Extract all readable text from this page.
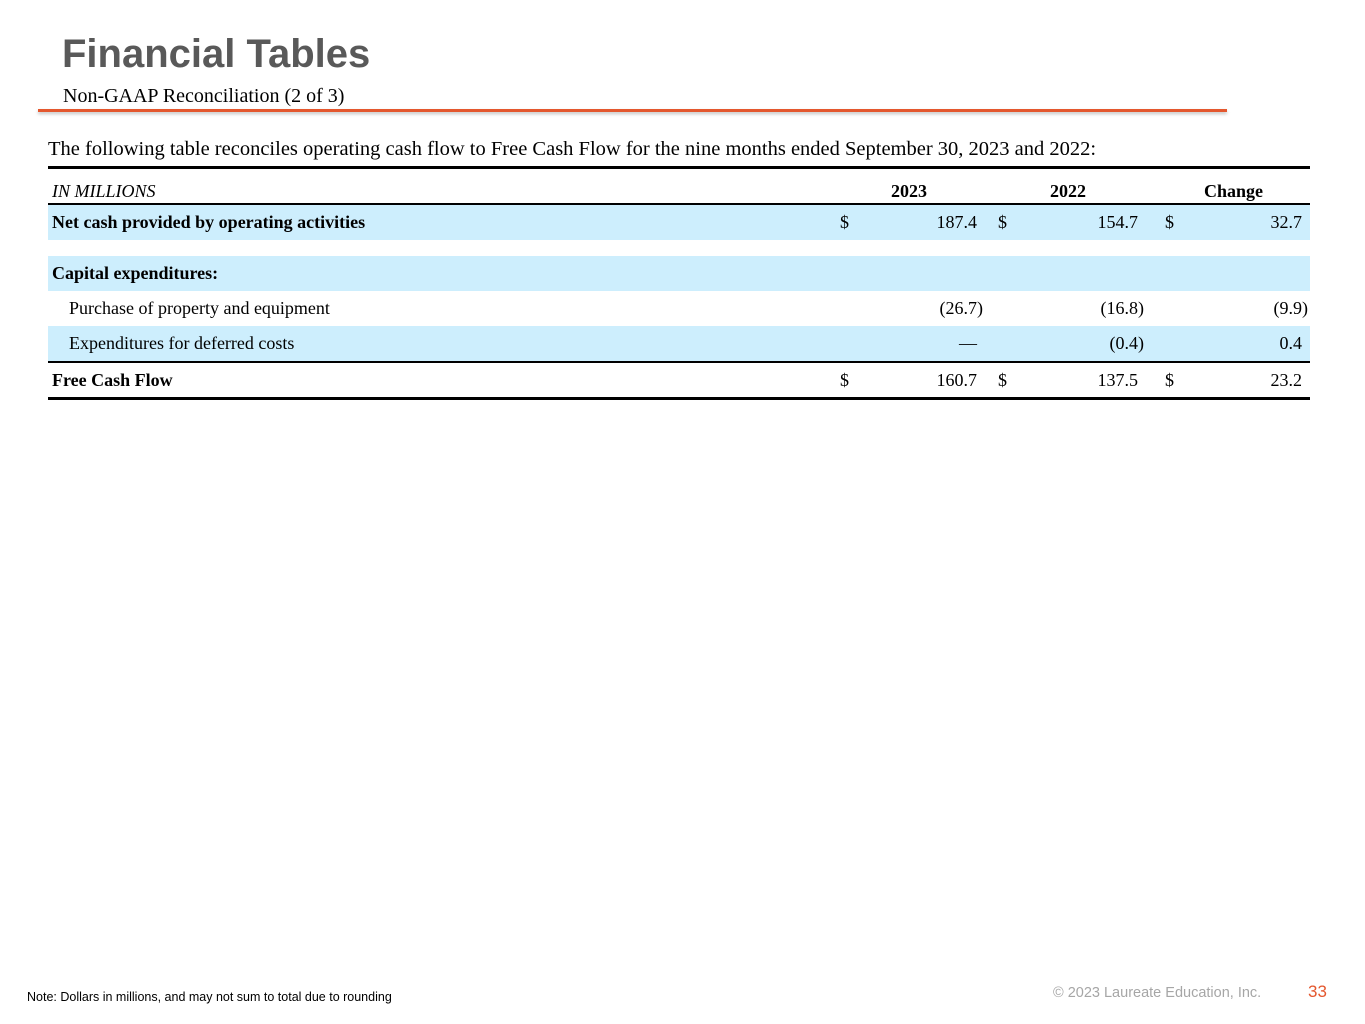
Financial Tables
Non-GAAP Reconciliation (2 of 3)
The following table reconciles operating cash flow to Free Cash Flow for the nine months ended September 30, 2023 and 2022:
IN MILLIONS	2023	2022	Change
Net cash provided by operating activities	$	187.4 $	154.7 $	32.7
Capital expenditures:
Purchase of property and equipment	(26.7)	(16.8)	(9.9)
Expenditures for deferred costs	—	(0.4)	0.4
Free Cash Flow	$	160.7 $	137.5 $	23.2
Note: Dollars in millions, and may not sum to total due to rounding	© 2023 Laureate Education, Inc.	33
